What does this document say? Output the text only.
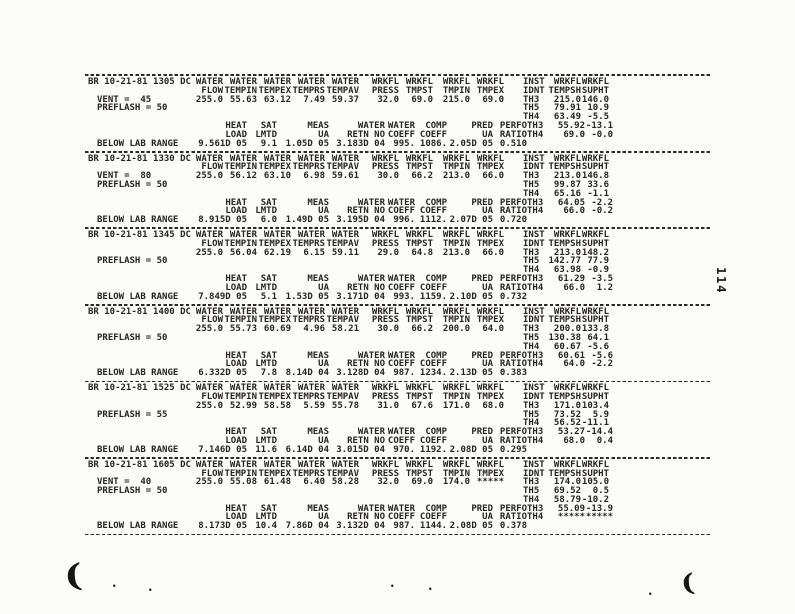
BR 10-21-81 1305 DC WATER WATER WATER WATER WATER	WRKFL WRKFL	WRKFL WRKFL INST	WRKFL WRKFL
FLOW TEMPIN TEMPEX TEMPRS TEMPAV	PRESS TMPST	TMPIN TMPEX IDNT TEMPSH SUPHT
VENT =  45	255.0 55.63 63.12	7.49 59.37	32.0	69.0	215.0	69.0 TH3	215.0 146.0
PREFLASH = 50	TH5	79.91 10.9
TH4	63.49 -5.5
HEAT	SAT	MEAS	WATER WATER	COMP	PRED PERFO TH3	55.92 -13.1
LOAD LMTD	UA	RETN NO COEFF COEFF	UA RATIO TH4	69.0 -0.0
BELOW LAB RANGE	9.561D 05	9.1 1.05D 05 3.183D 04 995. 1086. 2.05D 05 0.510
BR 10-21-81 1330 DC WATER WATER WATER WATER WATER	WRKFL WRKFL	WRKFL WRKFL INST	WRKFL WRKFL
FLOW TEMPIN TEMPEX TEMPRS TEMPAV	PRESS TMPST	TMPIN TMPEX IDNT TEMPSH SUPHT
VENT =  80	255.0 56.12 63.10	6.98 59.61	30.0	66.2	213.0	66.0 TH3	213.0 146.8
PREFLASH = 50	TH5	99.87 33.6
TH4	65.16 -1.1
HEAT	SAT	MEAS	WATER WATER	COMP	PRED PERFO TH3	64.05 -2.2
LOAD LMTD	UA	RETN NO COEFF COEFF	UA RATIO TH4	66.0 -0.2
BELOW LAB RANGE	8.915D 05	6.0 1.49D 05 3.195D 04 996. 1112. 2.07D 05 0.720
BR 10-21-81 1345 DC WATER WATER WATER WATER WATER	WRKFL WRKFL	WRKFL WRKFL INST	WRKFL WRKFL
FLOW TEMPIN TEMPEX TEMPRS TEMPAV	PRESS TMPST	TMPIN TMPEX IDNT TEMPSH SUPHT
255.0 56.04 62.19	6.15 59.11	29.0	64.8	213.0	66.0 TH3	213.0 148.2
PREFLASH = 50	TH5	142.77 77.9
TH4	63.98 -0.9
HEAT	SAT	MEAS	WATER WATER	COMP	PRED PERFO TH3	61.29 -3.5
LOAD LMTD	UA	RETN NO COEFF COEFF	UA RATIO TH4	66.0	1.2
BELOW LAB RANGE	7.849D 05	5.1 1.53D 05 3.171D 04 993. 1159. 2.10D 05 0.732
BR 10-21-81 1400 DC WATER WATER WATER WATER WATER	WRKFL WRKFL	WRKFL WRKFL INST	WRKFL WRKFL
FLOW TEMPIN TEMPEX TEMPRS TEMPAV	PRESS TMPST	TMPIN TMPEX IDNT TEMPSH SUPHT
255.0 55.73 60.69	4.96 58.21	30.0	66.2	200.0	64.0 TH3	200.0 133.8
PREFLASH = 50	TH5	130.38 64.1
TH4	60.67 -5.6
HEAT	SAT	MEAS	WATER WATER	COMP	PRED PERFO TH3	60.61 -5.6
LOAD LMTD	UA	RETN NO COEFF COEFF	UA RATIO TH4	64.0 -2.2
BELOW LAB RANGE	6.332D 05	7.8 8.14D 04 3.128D 04 987. 1234. 2.13D 05 0.383
BR 10-21-81 1525 DC WATER WATER WATER WATER WATER	WRKFL WRKFL	WRKFL WRKFL INST	WRKFL WRKFL
FLOW TEMPIN TEMPEX TEMPRS TEMPAV	PRESS TMPST	TMPIN TMPEX IDNT TEMPSH SUPHT
255.0 52.99 58.58	5.59 55.78	31.0	67.6	171.0	68.0 TH3	171.0 103.4
PREFLASH = 55	TH5	73.52	5.9
TH4	56.52 -11.1
HEAT	SAT	MEAS	WATER WATER	COMP	PRED PERFO TH3	53.27 -14.4
LOAD LMTD	UA	RETN NO COEFF COEFF	UA RATIO TH4	68.0	0.4
BELOW LAB RANGE	7.146D 05 11.6 6.14D 04 3.015D 04 970. 1192. 2.08D 05 0.295
BR 10-21-81 1605 DC WATER WATER WATER WATER WATER	WRKFL WRKFL	WRKFL WRKFL INST	WRKFL WRKFL
FLOW TEMPIN TEMPEX TEMPRS TEMPAV	PRESS TMPST	TMPIN TMPEX IDNT TEMPSH SUPHT
VENT =  40	255.0 55.08 61.48	6.40 58.28	32.0	69.0	174.0 ***** TH3	174.0 105.0
PREFLASH = 50	TH5	69.52	0.5
TH4	58.79 -10.2
HEAT	SAT	MEAS	WATER WATER	COMP	PRED PERFO TH3	55.09 -13.9
LOAD LMTD	UA	RETN NO COEFF COEFF	UA RATIO TH4	***** *****
BELOW LAB RANGE	8.173D 05 10.4 7.86D 04 3.132D 04 987. 1144. 2.08D 05 0.378
114
(	(
. .	.	.	.
